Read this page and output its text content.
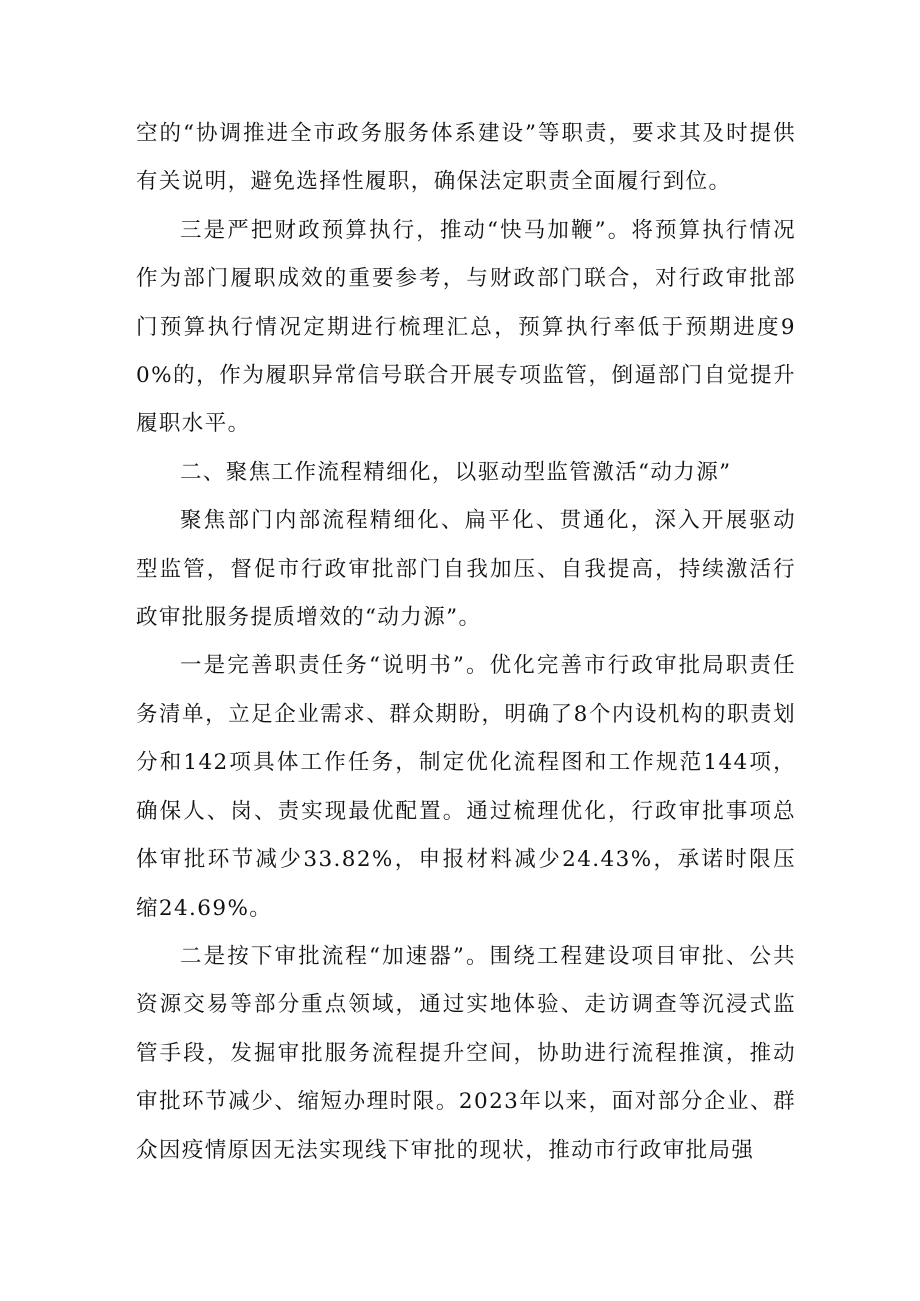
空的“协调推进全市政务服务体系建设”等职责，要求其及时提供有关说明，避免选择性履职，确保法定职责全面履行到位。

三是严把财政预算执行，推动“快马加鞭”。将预算执行情况作为部门履职成效的重要参考，与财政部门联合，对行政审批部门预算执行情况定期进行梳理汇总，预算执行率低于预期进度90%的，作为履职异常信号联合开展专项监管，倒逼部门自觉提升履职水平。

二、聚焦工作流程精细化，以驱动型监管激活“动力源”

聚焦部门内部流程精细化、扁平化、贯通化，深入开展驱动型监管，督促市行政审批部门自我加压、自我提高，持续激活行政审批服务提质增效的“动力源”。

一是完善职责任务“说明书”。优化完善市行政审批局职责任务清单，立足企业需求、群众期盼，明确了8个内设机构的职责划分和142项具体工作任务，制定优化流程图和工作规范144项，确保人、岗、责实现最优配置。通过梳理优化，行政审批事项总体审批环节减少33.82%，申报材料减少24.43%，承诺时限压缩24.69%。

二是按下审批流程“加速器”。围绕工程建设项目审批、公共资源交易等部分重点领域，通过实地体验、走访调查等沉浸式监管手段，发掘审批服务流程提升空间，协助进行流程推演，推动审批环节减少、缩短办理时限。2023年以来，面对部分企业、群众因疫情原因无法实现线下审批的现状，推动市行政审批局强
